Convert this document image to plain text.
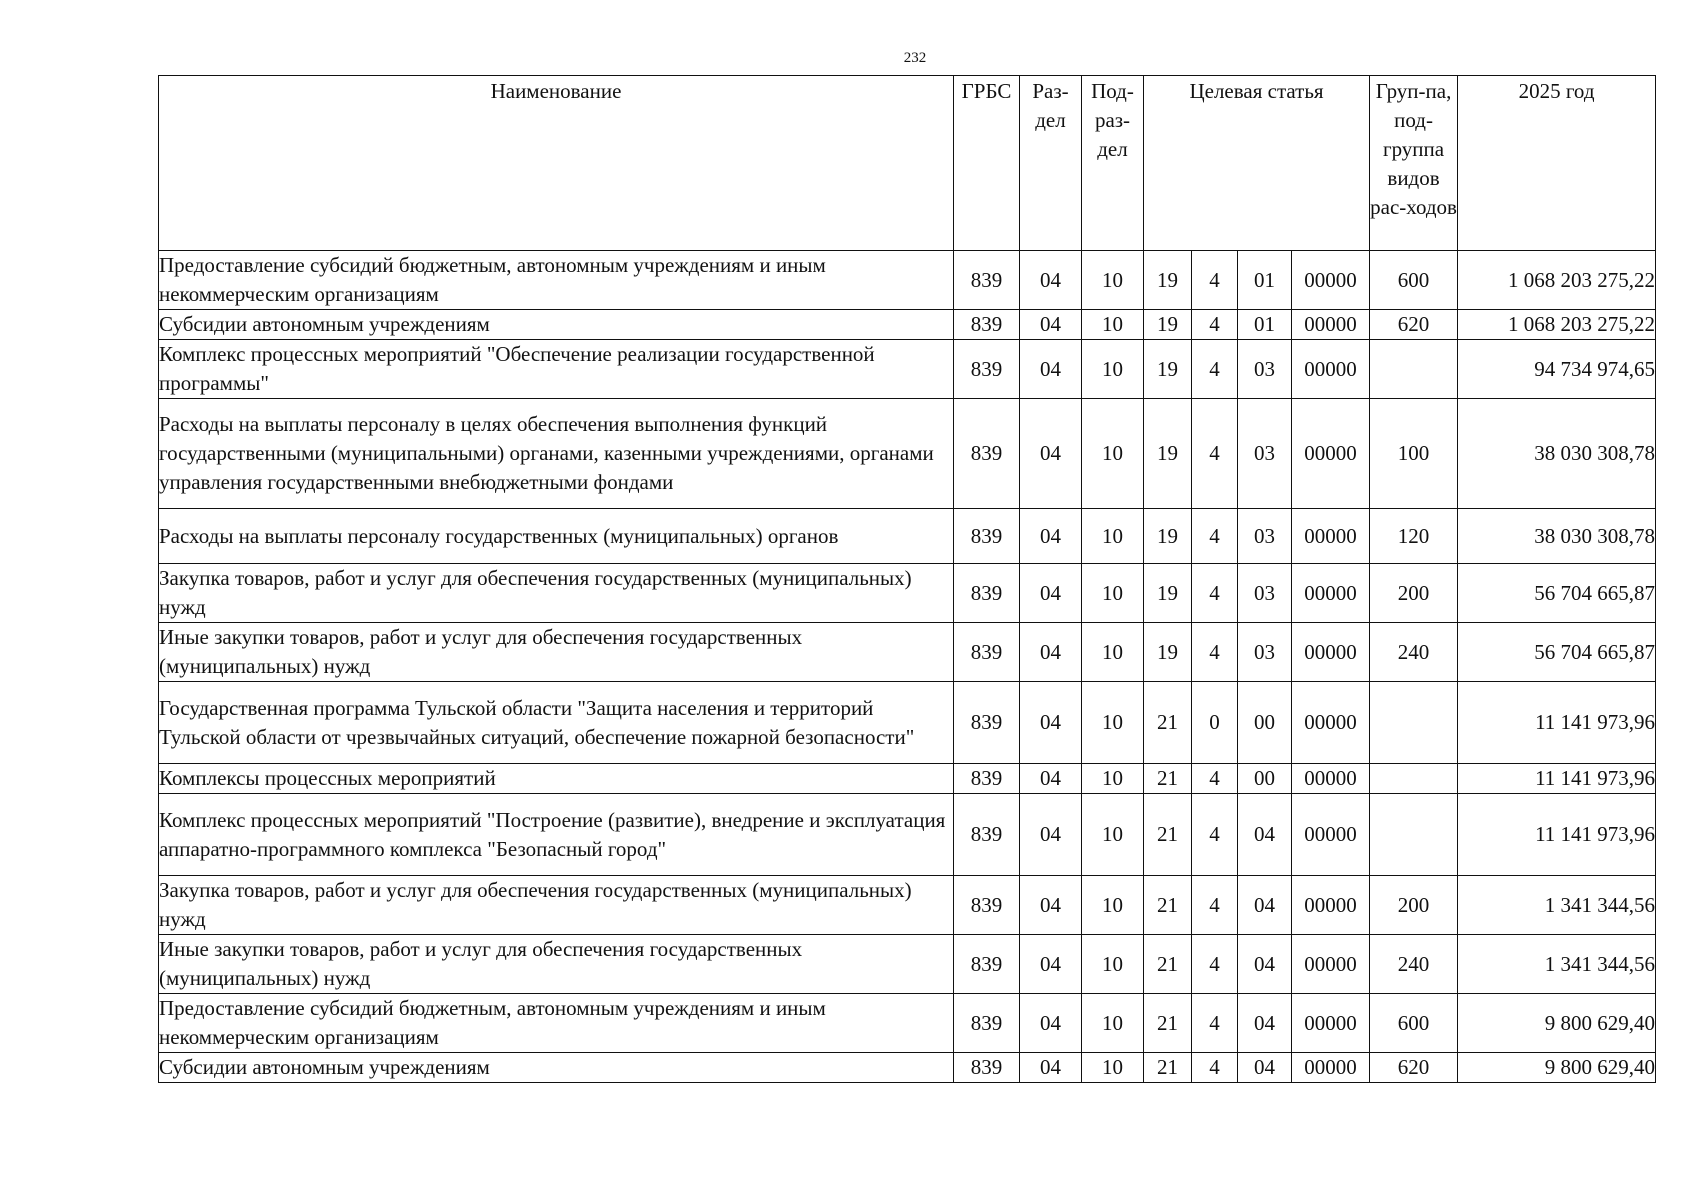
232
Наименование	ГРБС	Раз-дел	Под-раз-дел	Целевая статья				Груп-па, под-группа видов рас-ходов	2025 год
Предоставление субсидий бюджетным, автономным учреждениям и иным некоммерческим организациям	839	04	10	19	4	01	00000	600	1 068 203 275,22
Субсидии автономным учреждениям	839	04	10	19	4	01	00000	620	1 068 203 275,22
Комплекс процессных мероприятий "Обеспечение реализации государственной программы"	839	04	10	19	4	03	00000		94 734 974,65
Расходы на выплаты персоналу в целях обеспечения выполнения функций государственными (муниципальными) органами, казенными учреждениями, органами управления государственными внебюджетными фондами	839	04	10	19	4	03	00000	100	38 030 308,78
Расходы на выплаты персоналу государственных (муниципальных) органов	839	04	10	19	4	03	00000	120	38 030 308,78
Закупка товаров, работ и услуг для обеспечения государственных (муниципальных) нужд	839	04	10	19	4	03	00000	200	56 704 665,87
Иные закупки товаров, работ и услуг для обеспечения государственных (муниципальных) нужд	839	04	10	19	4	03	00000	240	56 704 665,87
Государственная программа Тульской области "Защита населения и территорий Тульской области от чрезвычайных ситуаций, обеспечение пожарной безопасности"	839	04	10	21	0	00	00000		11 141 973,96
Комплексы процессных мероприятий	839	04	10	21	4	00	00000		11 141 973,96
Комплекс процессных мероприятий "Построение (развитие), внедрение и эксплуатация аппаратно-программного комплекса "Безопасный город"	839	04	10	21	4	04	00000		11 141 973,96
Закупка товаров, работ и услуг для обеспечения государственных (муниципальных) нужд	839	04	10	21	4	04	00000	200	1 341 344,56
Иные закупки товаров, работ и услуг для обеспечения государственных (муниципальных) нужд	839	04	10	21	4	04	00000	240	1 341 344,56
Предоставление субсидий бюджетным, автономным учреждениям и иным некоммерческим организациям	839	04	10	21	4	04	00000	600	9 800 629,40
Субсидии автономным учреждениям	839	04	10	21	4	04	00000	620	9 800 629,40
